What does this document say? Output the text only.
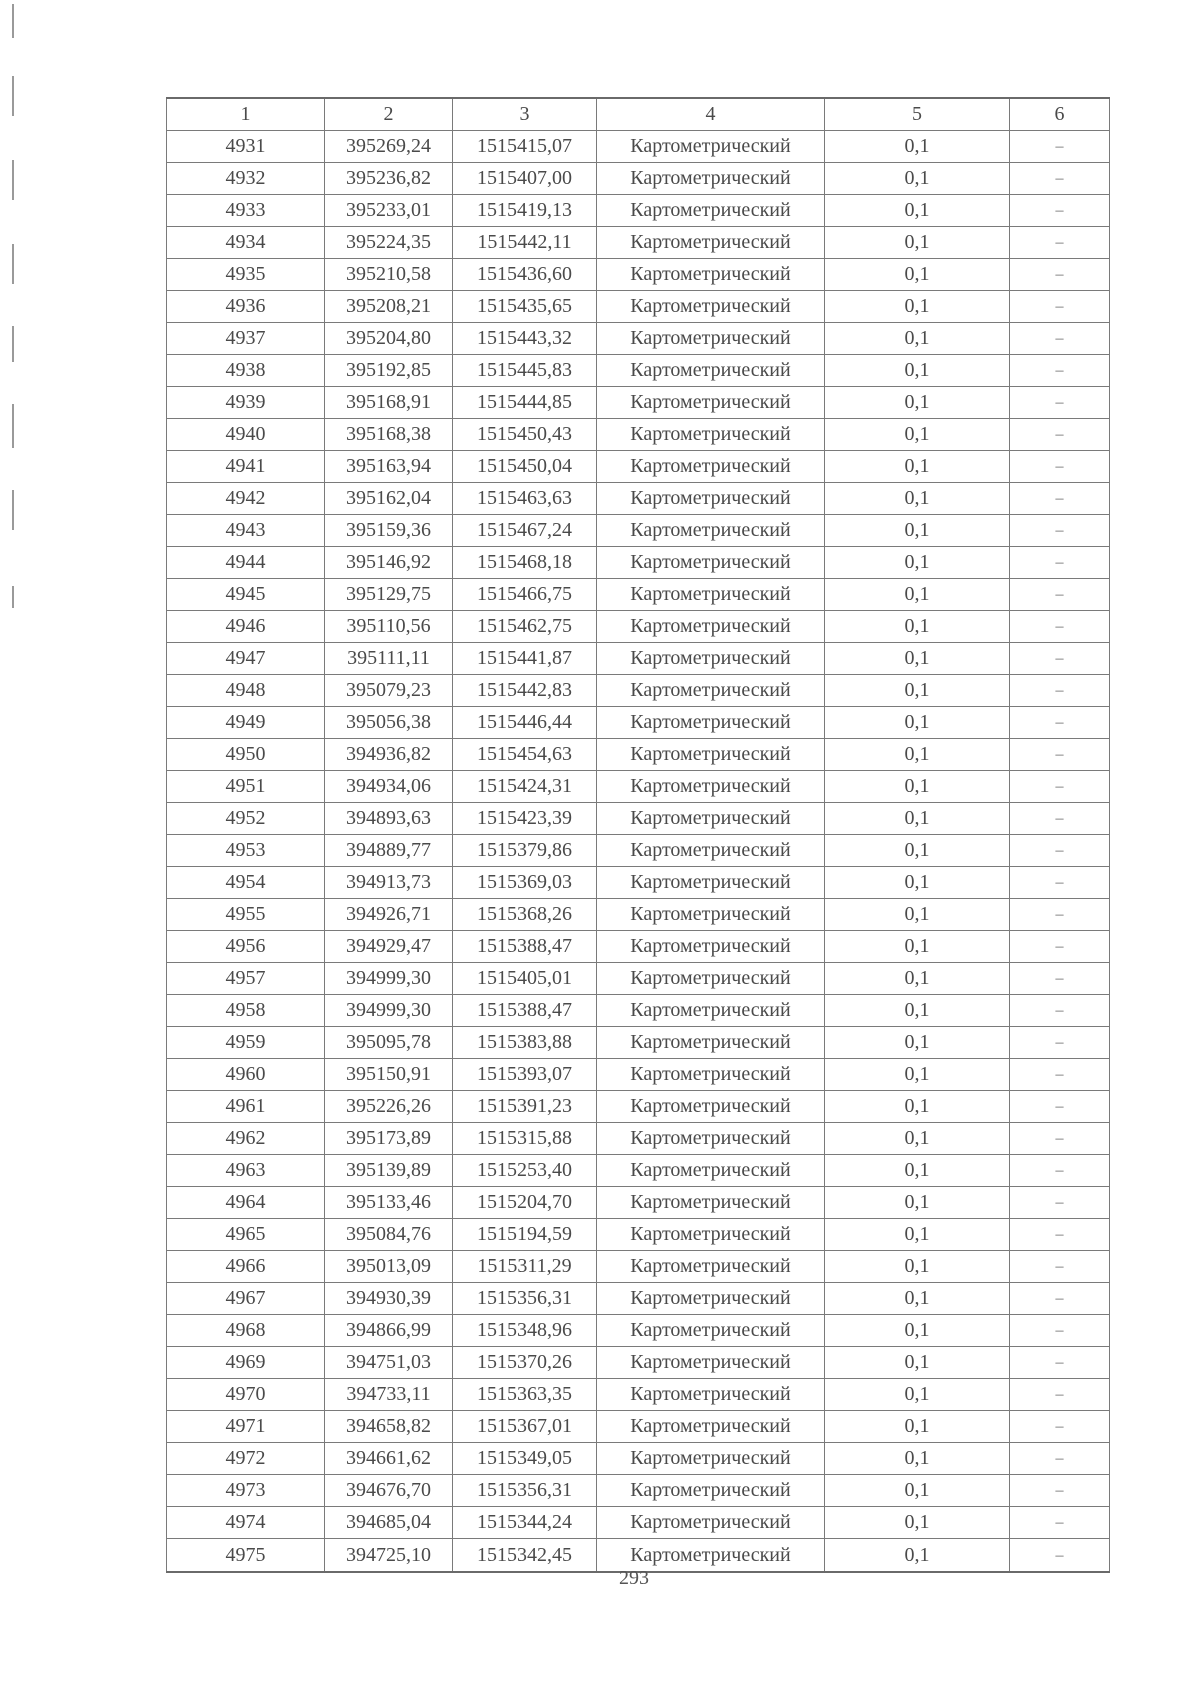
1	2	3	4	5	6
4931	395269,24	1515415,07	Картометрический	0,1	–
4932	395236,82	1515407,00	Картометрический	0,1	–
4933	395233,01	1515419,13	Картометрический	0,1	–
4934	395224,35	1515442,11	Картометрический	0,1	–
4935	395210,58	1515436,60	Картометрический	0,1	–
4936	395208,21	1515435,65	Картометрический	0,1	–
4937	395204,80	1515443,32	Картометрический	0,1	–
4938	395192,85	1515445,83	Картометрический	0,1	–
4939	395168,91	1515444,85	Картометрический	0,1	–
4940	395168,38	1515450,43	Картометрический	0,1	–
4941	395163,94	1515450,04	Картометрический	0,1	–
4942	395162,04	1515463,63	Картометрический	0,1	–
4943	395159,36	1515467,24	Картометрический	0,1	–
4944	395146,92	1515468,18	Картометрический	0,1	–
4945	395129,75	1515466,75	Картометрический	0,1	–
4946	395110,56	1515462,75	Картометрический	0,1	–
4947	395111,11	1515441,87	Картометрический	0,1	–
4948	395079,23	1515442,83	Картометрический	0,1	–
4949	395056,38	1515446,44	Картометрический	0,1	–
4950	394936,82	1515454,63	Картометрический	0,1	–
4951	394934,06	1515424,31	Картометрический	0,1	–
4952	394893,63	1515423,39	Картометрический	0,1	–
4953	394889,77	1515379,86	Картометрический	0,1	–
4954	394913,73	1515369,03	Картометрический	0,1	–
4955	394926,71	1515368,26	Картометрический	0,1	–
4956	394929,47	1515388,47	Картометрический	0,1	–
4957	394999,30	1515405,01	Картометрический	0,1	–
4958	394999,30	1515388,47	Картометрический	0,1	–
4959	395095,78	1515383,88	Картометрический	0,1	–
4960	395150,91	1515393,07	Картометрический	0,1	–
4961	395226,26	1515391,23	Картометрический	0,1	–
4962	395173,89	1515315,88	Картометрический	0,1	–
4963	395139,89	1515253,40	Картометрический	0,1	–
4964	395133,46	1515204,70	Картометрический	0,1	–
4965	395084,76	1515194,59	Картометрический	0,1	–
4966	395013,09	1515311,29	Картометрический	0,1	–
4967	394930,39	1515356,31	Картометрический	0,1	–
4968	394866,99	1515348,96	Картометрический	0,1	–
4969	394751,03	1515370,26	Картометрический	0,1	–
4970	394733,11	1515363,35	Картометрический	0,1	–
4971	394658,82	1515367,01	Картометрический	0,1	–
4972	394661,62	1515349,05	Картометрический	0,1	–
4973	394676,70	1515356,31	Картометрический	0,1	–
4974	394685,04	1515344,24	Картометрический	0,1	–
4975	394725,10	1515342,45	Картометрический	0,1	–
293
